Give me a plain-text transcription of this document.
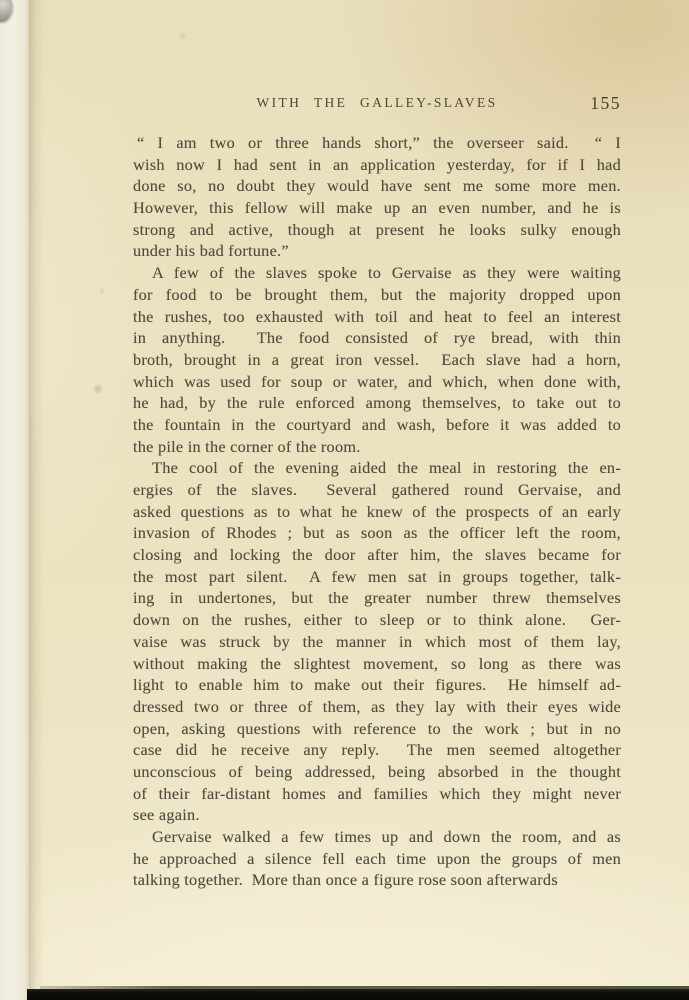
WITH THE GALLEY-SLAVES	155
“ I am two or three hands short,” the overseer said.  “ I
wish now I had sent in an application yesterday, for if I had
done so, no doubt they would have sent me some more men.
However, this fellow will make up an even number, and he is
strong and active, though at present he looks sulky enough
under his bad fortune.”
A few of the slaves spoke to Gervaise as they were waiting
for food to be brought them, but the majority dropped upon
the rushes, too exhausted with toil and heat to feel an interest
in anything.  The food consisted of rye bread, with thin
broth, brought in a great iron vessel.  Each slave had a horn,
which was used for soup or water, and which, when done with,
he had, by the rule enforced among themselves, to take out to
the fountain in the courtyard and wash, before it was added to
the pile in the corner of the room.
The cool of the evening aided the meal in restoring the en-
ergies of the slaves.  Several gathered round Gervaise, and
asked questions as to what he knew of the prospects of an early
invasion of Rhodes ; but as soon as the officer left the room,
closing and locking the door after him, the slaves became for
the most part silent.  A few men sat in groups together, talk-
ing in undertones, but the greater number threw themselves
down on the rushes, either to sleep or to think alone.  Ger-
vaise was struck by the manner in which most of them lay,
without making the slightest movement, so long as there was
light to enable him to make out their figures.  He himself ad-
dressed two or three of them, as they lay with their eyes wide
open, asking questions with reference to the work ; but in no
case did he receive any reply.  The men seemed altogether
unconscious of being addressed, being absorbed in the thought
of their far-distant homes and families which they might never
see again.
Gervaise walked a few times up and down the room, and as
he approached a silence fell each time upon the groups of men
talking together.  More than once a figure rose soon afterwards
